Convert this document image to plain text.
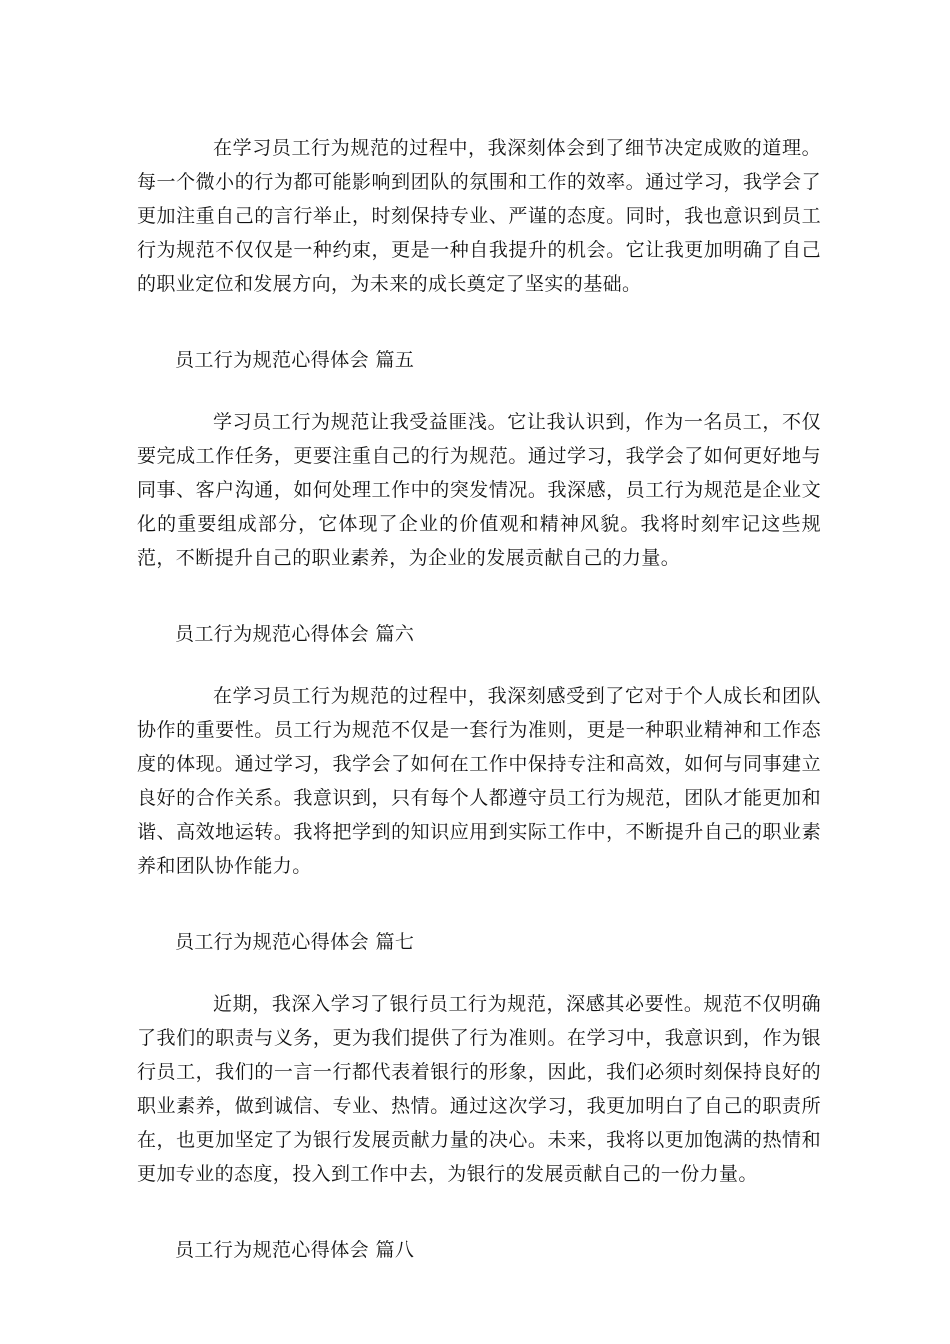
在学习员工行为规范的过程中，我深刻体会到了细节决定成败的道理。每一个微小的行为都可能影响到团队的氛围和工作的效率。通过学习，我学会了更加注重自己的言行举止，时刻保持专业、严谨的态度。同时，我也意识到员工行为规范不仅仅是一种约束，更是一种自我提升的机会。它让我更加明确了自己的职业定位和发展方向，为未来的成长奠定了坚实的基础。

员工行为规范心得体会 篇五

学习员工行为规范让我受益匪浅。它让我认识到，作为一名员工，不仅要完成工作任务，更要注重自己的行为规范。通过学习，我学会了如何更好地与同事、客户沟通，如何处理工作中的突发情况。我深感，员工行为规范是企业文化的重要组成部分，它体现了企业的价值观和精神风貌。我将时刻牢记这些规范，不断提升自己的职业素养，为企业的发展贡献自己的力量。

员工行为规范心得体会 篇六

在学习员工行为规范的过程中，我深刻感受到了它对于个人成长和团队协作的重要性。员工行为规范不仅是一套行为准则，更是一种职业精神和工作态度的体现。通过学习，我学会了如何在工作中保持专注和高效，如何与同事建立良好的合作关系。我意识到，只有每个人都遵守员工行为规范，团队才能更加和谐、高效地运转。我将把学到的知识应用到实际工作中，不断提升自己的职业素养和团队协作能力。

员工行为规范心得体会 篇七

近期，我深入学习了银行员工行为规范，深感其必要性。规范不仅明确了我们的职责与义务，更为我们提供了行为准则。在学习中，我意识到，作为银行员工，我们的一言一行都代表着银行的形象，因此，我们必须时刻保持良好的职业素养，做到诚信、专业、热情。通过这次学习，我更加明白了自己的职责所在，也更加坚定了为银行发展贡献力量的决心。未来，我将以更加饱满的热情和更加专业的态度，投入到工作中去，为银行的发展贡献自己的一份力量。

员工行为规范心得体会 篇八
